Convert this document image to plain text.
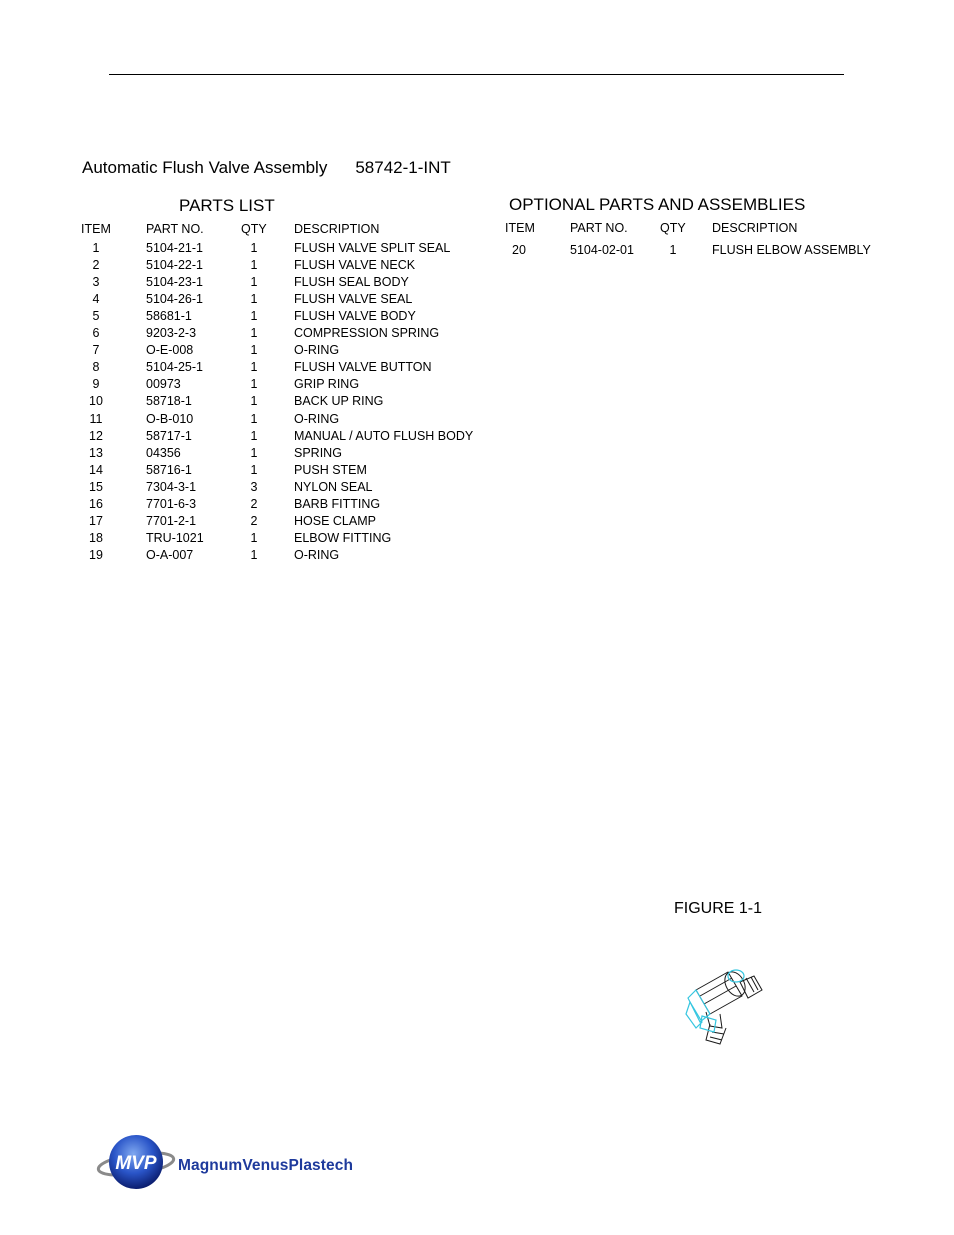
Automatic Flush Valve Assembly 58742-1-INT
PARTS LIST	OPTIONAL PARTS AND ASSEMBLIES
ITEM	PART NO.	QTY DESCRIPTION
1	5104-21-1	1	FLUSH VALVE SPLIT SEAL
2	5104-22-1	1	FLUSH VALVE NECK
3	5104-23-1	1	FLUSH SEAL BODY
4	5104-26-1	1	FLUSH VALVE SEAL
5	58681-1	1	FLUSH VALVE BODY
6	9203-2-3	1	COMPRESSION SPRING
7	O-E-008	1	O-RING
8	5104-25-1	1	FLUSH VALVE BUTTON
9	00973	1	GRIP RING
10	58718-1	1	BACK UP RING
11	O-B-010	1	O-RING
12	58717-1	1	MANUAL / AUTO FLUSH BODY
13	04356	1	SPRING
14	58716-1	1	PUSH STEM
15	7304-3-1	3	NYLON SEAL
16	7701-6-3	2	BARB FITTING
17	7701-2-1	2	HOSE CLAMP
18	TRU-1021	1	ELBOW FITTING
19	O-A-007	1	O-RING
ITEM	PART NO.	QTY DESCRIPTION
20	5104-02-01	1	FLUSH ELBOW ASSEMBLY
FIGURE 1-1
MVP MagnumVenusPlastech
